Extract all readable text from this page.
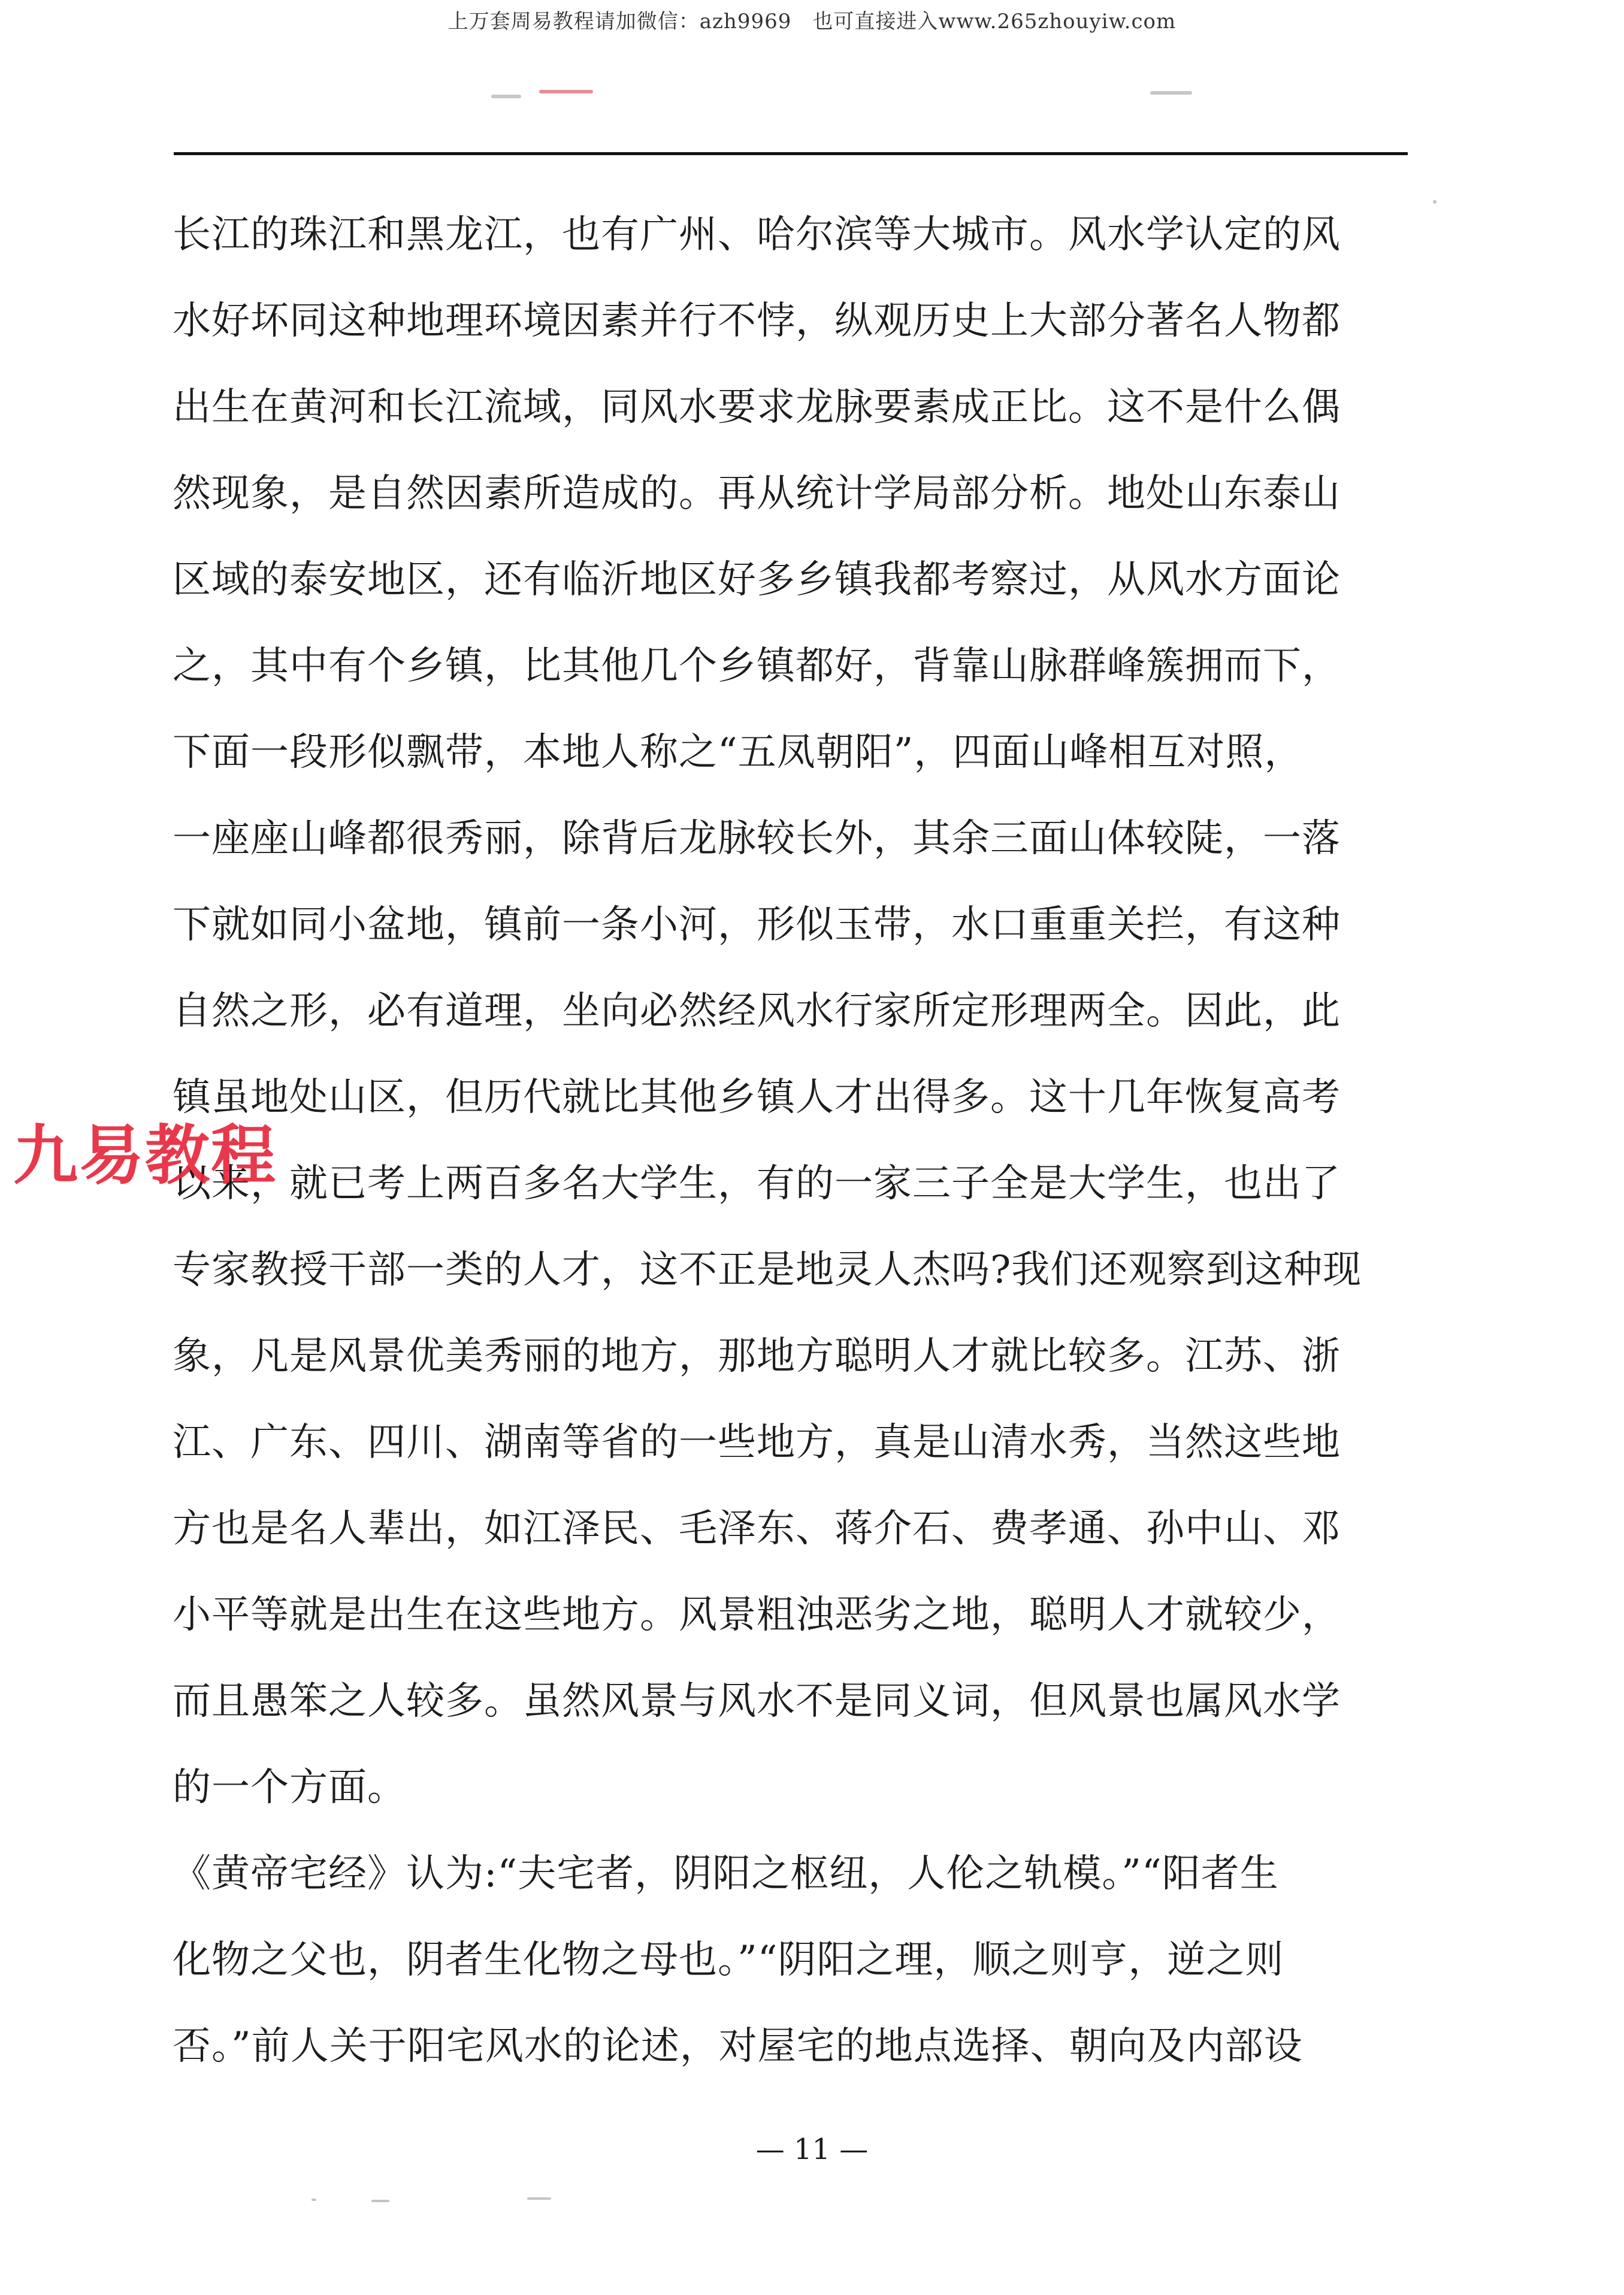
上万套周易教程请加微信：azh9969　也可直接进入www.265zhouyiw.com
长江的珠江和黑龙江，也有广州、哈尔滨等大城市。风水学认定的风
水好坏同这种地理环境因素并行不悖，纵观历史上大部分著名人物都
出生在黄河和长江流域，同风水要求龙脉要素成正比。这不是什么偶
然现象，是自然因素所造成的。再从统计学局部分析。地处山东泰山
区域的泰安地区，还有临沂地区好多乡镇我都考察过，从风水方面论
之，其中有个乡镇，比其他几个乡镇都好，背靠山脉群峰簇拥而下，
下面一段形似飘带，本地人称之“五凤朝阳”，四面山峰相互对照，
一座座山峰都很秀丽，除背后龙脉较长外，其余三面山体较陡，一落
下就如同小盆地，镇前一条小河，形似玉带，水口重重关拦，有这种
自然之形，必有道理，坐向必然经风水行家所定形理两全。因此，此
镇虽地处山区，但历代就比其他乡镇人才出得多。这十几年恢复高考
以来，就已考上两百多名大学生，有的一家三子全是大学生，也出了
专家教授干部一类的人才，这不正是地灵人杰吗?我们还观察到这种现
象，凡是风景优美秀丽的地方，那地方聪明人才就比较多。江苏、浙
江、广东、四川、湖南等省的一些地方，真是山清水秀，当然这些地
方也是名人辈出，如江泽民、毛泽东、蒋介石、费孝通、孙中山、邓
小平等就是出生在这些地方。风景粗浊恶劣之地，聪明人才就较少，
而且愚笨之人较多。虽然风景与风水不是同义词，但风景也属风水学
的一个方面。
《黄帝宅经》认为:“夫宅者，阴阳之枢纽，人伦之轨模。”“阳者生
化物之父也，阴者生化物之母也。”“阴阳之理，顺之则亨，逆之则
否。”前人关于阳宅风水的论述，对屋宅的地点选择、朝向及内部设
九易教程
— 11 —
